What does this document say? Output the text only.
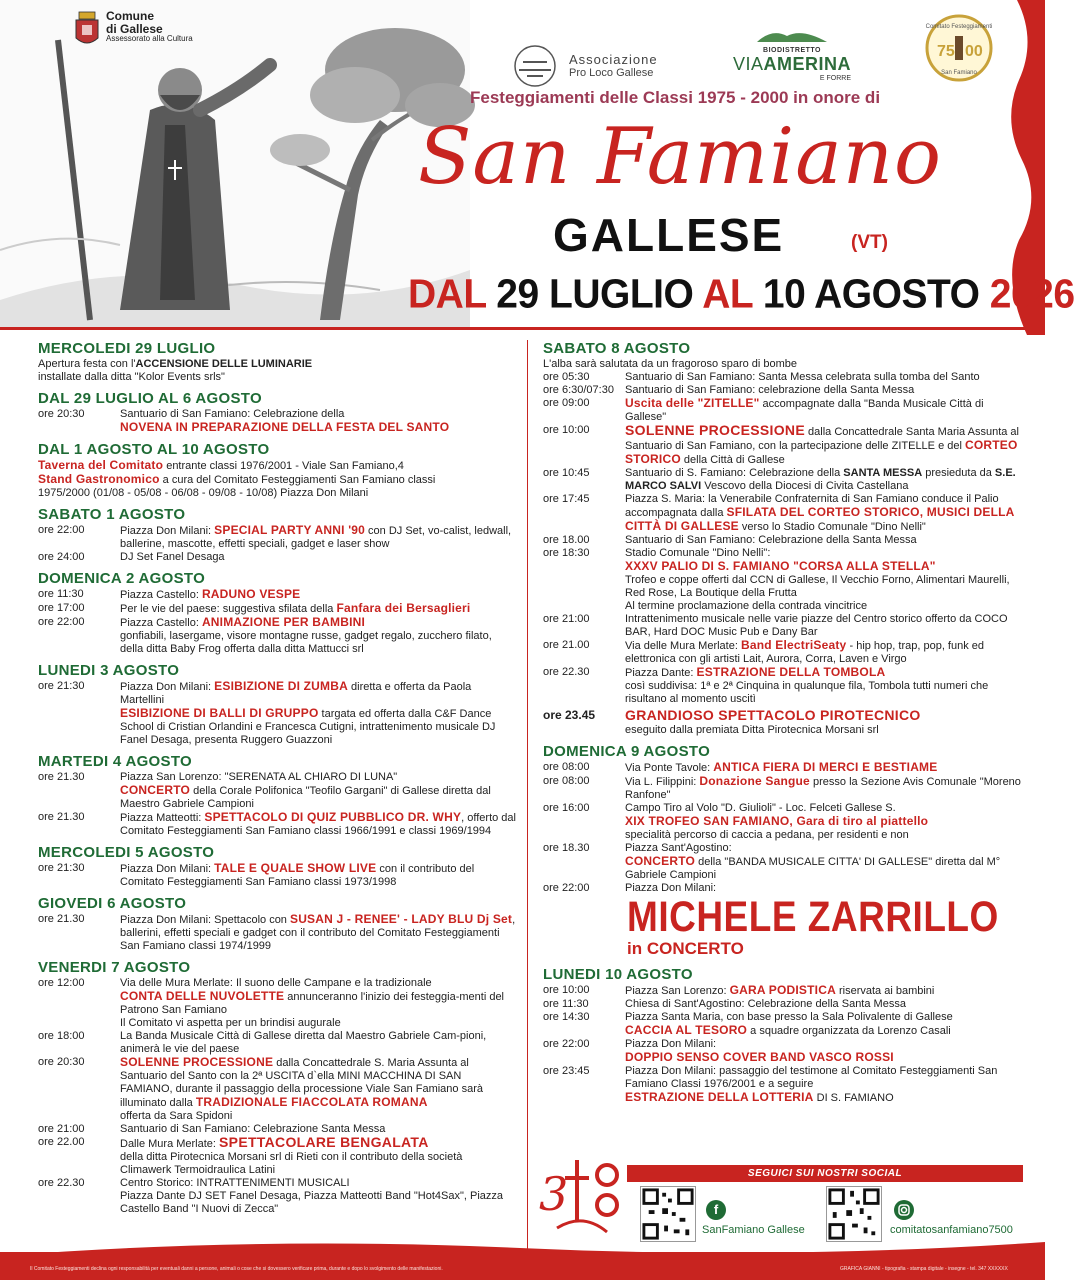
Comune
di Gallese
Assessorato alla Cultura
Associazione
Pro Loco Gallese
BIODISTRETTO
VIAAMERINA
E FORRE
Comitato Festeggiamenti
75 00
San Famiano
Festeggiamenti delle Classi 1975 - 2000 in onore di
San Famiano
GALLESE	(VT)
DAL 29 LUGLIO AL 10 AGOSTO 2026
MERCOLEDI 29 LUGLIO
Apertura festa con l'ACCENSIONE DELLE LUMINARIE
installate dalla ditta "Kolor Events srls"
DAL 29 LUGLIO AL 6 AGOSTO
ore 20:30	Santuario di San Famiano: Celebrazione della
NOVENA IN PREPARAZIONE DELLA FESTA DEL SANTO
DAL 1 AGOSTO AL 10 AGOSTO
Taverna del Comitato entrante classi 1976/2001 - Viale San Famiano,4
Stand Gastronomico a cura del Comitato Festeggiamenti San Famiano classi
1975/2000 (01/08 - 05/08 - 06/08 - 09/08 - 10/08) Piazza Don Milani
SABATO 1 AGOSTO
ore 22:00	Piazza Don Milani: SPECIAL PARTY ANNI '90 con DJ Set, vo-calist, ledwall, ballerine, mascotte, effetti speciali, gadget e laser show
ore 24:00	DJ Set Fanel Desaga
DOMENICA 2 AGOSTO
ore 11:30	Piazza Castello: RADUNO VESPE
ore 17:00	Per le vie del paese: suggestiva sfilata della Fanfara dei Bersaglieri
ore 22:00	Piazza Castello: ANIMAZIONE PER BAMBINI
gonfiabili, lasergame, visore montagne russe, gadget regalo, zucchero filato, della ditta Baby Frog offerta dalla ditta Mattucci srl
LUNEDI 3 AGOSTO
ore 21:30	Piazza Don Milani: ESIBIZIONE DI ZUMBA diretta e offerta da Paola Martellini
ESIBIZIONE DI BALLI DI GRUPPO targata ed offerta dalla C&F Dance School di Cristian Orlandini e Francesca Cutigni, intrattenimento musicale DJ Fanel Desaga, presenta Ruggero Guazzoni
MARTEDI 4 AGOSTO
ore 21.30	Piazza San Lorenzo: "SERENATA AL CHIARO DI LUNA"
CONCERTO della Corale Polifonica "Teofilo Gargani" di Gallese diretta dal Maestro Gabriele Campioni
ore 21.30	Piazza Matteotti: SPETTACOLO DI QUIZ PUBBLICO DR. WHY, offerto dal Comitato Festeggiamenti San Famiano classi 1966/1991 e classi 1969/1994
MERCOLEDI 5 AGOSTO
ore 21:30	Piazza Don Milani: TALE E QUALE SHOW LIVE con il contributo del Comitato Festeggiamenti San Famiano classi 1973/1998
GIOVEDI 6 AGOSTO
ore 21.30	Piazza Don Milani: Spettacolo con SUSAN J - RENEE' - LADY BLU Dj Set, ballerini, effetti speciali e gadget con il contributo del Comitato Festeggiamenti San Famiano classi 1974/1999
VENERDI 7 AGOSTO
ore 12:00	Via delle Mura Merlate: Il suono delle Campane e la tradizionale
CONTA DELLE NUVOLETTE annunceranno l'inizio dei festeggia-menti del Patrono San Famiano
Il Comitato vi aspetta per un brindisi augurale
ore 18:00	La Banda Musicale Città di Gallese diretta dal Maestro Gabriele Cam-pioni, animerà le vie del paese
ore 20:30	SOLENNE PROCESSIONE dalla Concattedrale S. Maria Assunta al Santuario del Santo con la 2ª USCITA d`ella MINI MACCHINA DI SAN FAMIANO, durante il passaggio della processione Viale San Famiano sarà illuminato dalla TRADIZIONALE FIACCOLATA ROMANA
offerta da Sara Spidoni
ore 21:00	Santuario di San Famiano: Celebrazione Santa Messa
ore 22.00	Dalle Mura Merlate: SPETTACOLARE BENGALATA
della ditta Pirotecnica Morsani srl di Rieti con il contributo della società Climawerk Termoidraulica Latini
ore 22.30	Centro Storico: INTRATTENIMENTI MUSICALI
Piazza Dante DJ SET Fanel Desaga, Piazza Matteotti Band "Hot4Sax", Piazza Castello Band "I Nuovi di Zecca"
SABATO 8 AGOSTO
L'alba sarà salutata da un fragoroso sparo di bombe
ore 05:30	Santuario di San Famiano: Santa Messa celebrata sulla tomba del Santo
ore 6:30/07:30	Santuario di San Famiano: celebrazione della Santa Messa
ore 09:00	Uscita delle "ZITELLE" accompagnate dalla "Banda Musicale Città di Gallese"
ore 10:00	SOLENNE PROCESSIONE dalla Concattedrale Santa Maria Assunta al Santuario di San Famiano, con la partecipazione delle ZITELLE e del CORTEO STORICO della Città di Gallese
ore 10:45	Santuario di S. Famiano: Celebrazione della SANTA MESSA presieduta da S.E. MARCO SALVI Vescovo della Diocesi di Civita Castellana
ore 17:45	Piazza S. Maria: la Venerabile Confraternita di San Famiano conduce il Palio accompagnata dalla SFILATA DEL CORTEO STORICO, MUSICI DELLA CITTÀ DI GALLESE verso lo Stadio Comunale "Dino Nelli"
ore 18.00	Santuario di San Famiano: Celebrazione della Santa Messa
ore 18:30	Stadio Comunale "Dino Nelli":
XXXV PALIO DI S. FAMIANO "CORSA ALLA STELLA"
Trofeo e coppe offerti dal CCN di Gallese, Il Vecchio Forno, Alimentari Maurelli, Red Rose, La Boutique della Frutta
Al termine proclamazione della contrada vincitrice
ore 21:00	Intrattenimento musicale nelle varie piazze del Centro storico offerto da COCO BAR, Hard DOC Music Pub e Dany Bar
ore 21.00	Via delle Mura Merlate: Band ElectriSeaty - hip hop, trap, pop, funk ed elettronica con gli artisti Lait, Aurora, Corra, Laven e Virgo
ore 22.30	Piazza Dante: ESTRAZIONE DELLA TOMBOLA
così suddivisa: 1ª e 2ª Cinquina in qualunque fila, Tombola tutti numeri che risultano al momento uscitì
ore 23.45	GRANDIOSO SPETTACOLO PIROTECNICO
eseguito dalla premiata Ditta Pirotecnica Morsani srl
DOMENICA 9 AGOSTO
ore 08:00	Via Ponte Tavole: ANTICA FIERA DI MERCI E BESTIAME
ore 08:00	Via L. Filippini: Donazione Sangue presso la Sezione Avis Comunale "Moreno Ranfone"
ore 16:00	Campo Tiro al Volo "D. Giulioli" - Loc. Felceti Gallese S.
XIX TROFEO SAN FAMIANO, Gara di tiro al piattello
specialità percorso di caccia a pedana, per residenti e non
ore 18.30	Piazza Sant'Agostino:
CONCERTO della "BANDA MUSICALE CITTA' DI GALLESE" diretta dal M° Gabriele Campioni
ore 22:00	Piazza Don Milani:
MICHELE ZARRILLO
in CONCERTO
LUNEDI 10 AGOSTO
ore 10:00	Piazza San Lorenzo: GARA PODISTICA riservata ai bambini
ore 11:30	Chiesa di Sant'Agostino: Celebrazione della Santa Messa
ore 14:30	Piazza Santa Maria, con base presso la Sala Polivalente di Gallese
CACCIA AL TESORO a squadre organizzata da Lorenzo Casali
ore 22:00	Piazza Don Milani:
DOPPIO SENSO COVER BAND VASCO ROSSI
ore 23:45	Piazza Don Milani: passaggio del testimone al Comitato Festeggiamenti San Famiano Classi 1976/2001 e a seguire
ESTRAZIONE DELLA LOTTERIA DI S. FAMIANO
3	SEGUICI SUI NOSTRI SOCIAL
f
SanFamiano Gallese	comitatosanfamiano7500
Il Comitato Festeggiamenti declina ogni responsabilità per eventuali danni a persone, animali o cose che si dovessero verificare prima, durante e dopo lo svolgimento delle manifestazioni.	GRAFICA GIANNI - tipografia - stampa digitale - insegne - tel. 347 XXXXXX
